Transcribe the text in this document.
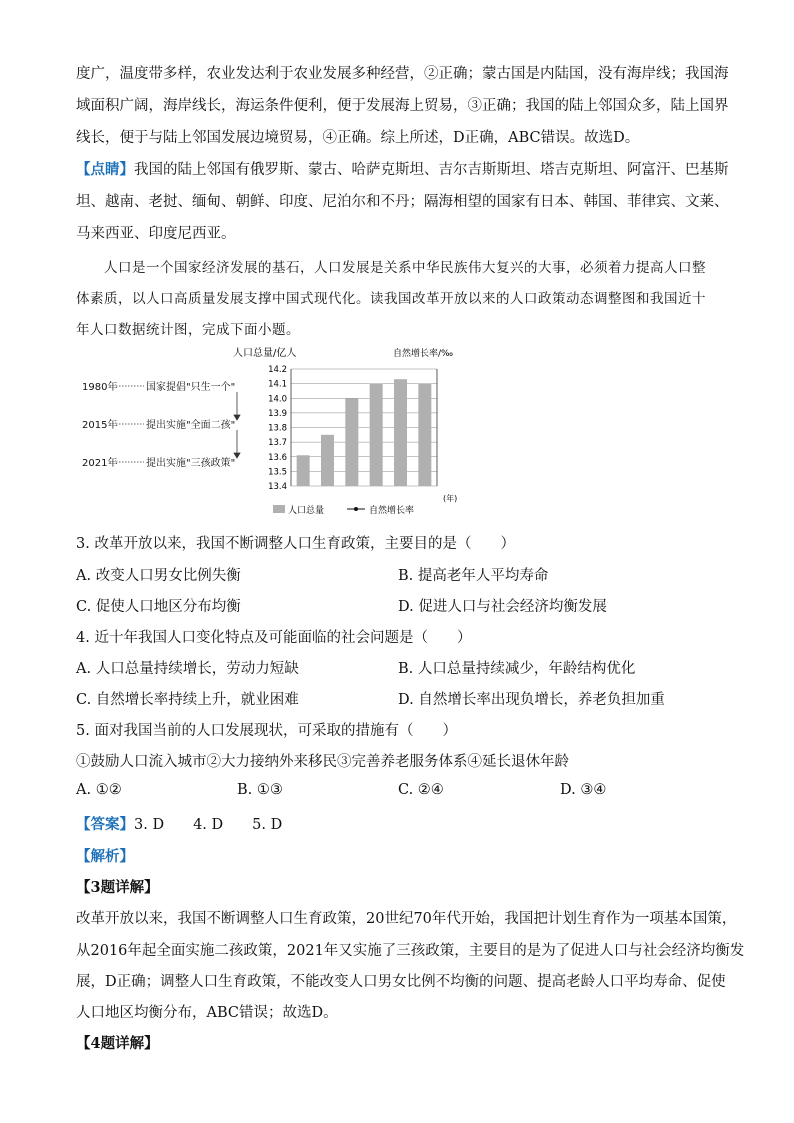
度广，温度带多样，农业发达利于农业发展多种经营，②正确；蒙古国是内陆国，没有海岸线；我国海
域面积广阔，海岸线长，海运条件便利，便于发展海上贸易，③正确；我国的陆上邻国众多，陆上国界
线长，便于与陆上邻国发展边境贸易，④正确。综上所述，D正确，ABC错误。故选D。
【点睛】我国的陆上邻国有俄罗斯、蒙古、哈萨克斯坦、吉尔吉斯斯坦、塔吉克斯坦、阿富汗、巴基斯
坦、越南、老挝、缅甸、朝鲜、印度、尼泊尔和不丹；隔海相望的国家有日本、韩国、菲律宾、文莱、
马来西亚、印度尼西亚。
人口是一个国家经济发展的基石，人口发展是关系中华民族伟大复兴的大事，必须着力提高人口整
体素质，以人口高质量发展支撑中国式现代化。读我国改革开放以来的人口政策动态调整图和我国近十
年人口数据统计图，完成下面小题。
1980年
2015年
2021年
国家提倡"只生一个"
提出实施"全面二孩"
提出实施"三孩政策"
人口总量/亿人	自然增长率/‰
14.2
14.1
14.0
13.9
13.8
13.7
13.6
13.5
13.4
(年)
人口总量	自然增长率
3. 改革开放以来，我国不断调整人口生育政策，主要目的是（　　）
A. 改变人口男女比例失衡	B. 提高老年人平均寿命
C. 促使人口地区分布均衡	D. 促进人口与社会经济均衡发展
4. 近十年我国人口变化特点及可能面临的社会问题是（　　）
A. 人口总量持续增长，劳动力短缺	B. 人口总量持续减少，年龄结构优化
C. 自然增长率持续上升，就业困难	D. 自然增长率出现负增长，养老负担加重
5. 面对我国当前的人口发展现状，可采取的措施有（　　）
①鼓励人口流入城市②大力接纳外来移民③完善养老服务体系④延长退休年龄
A. ①②	B. ①③	C. ②④	D. ③④
【答案】3. D　　4. D　　5. D
【解析】
【3题详解】
改革开放以来，我国不断调整人口生育政策，20世纪70年代开始，我国把计划生育作为一项基本国策，
从2016年起全面实施二孩政策，2021年又实施了三孩政策，主要目的是为了促进人口与社会经济均衡发
展，D正确；调整人口生育政策，不能改变人口男女比例不均衡的问题、提高老龄人口平均寿命、促使
人口地区均衡分布，ABC错误；故选D。
【4题详解】
